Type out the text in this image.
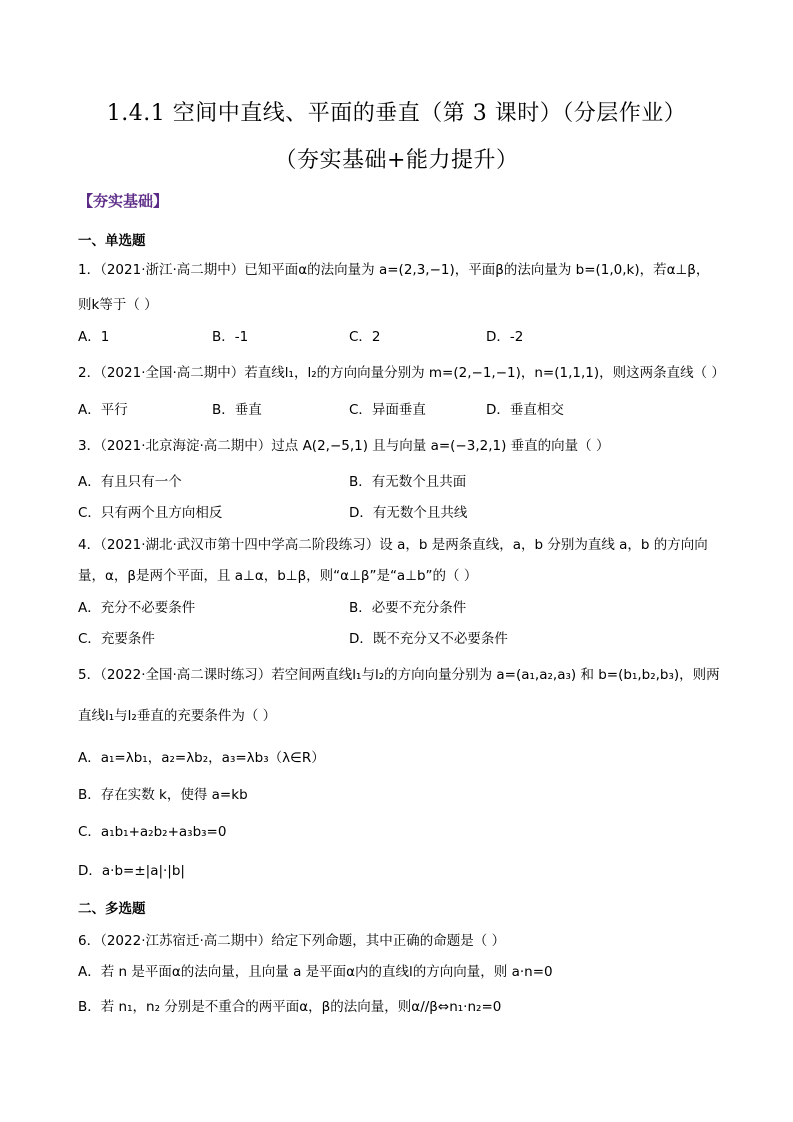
1.4.1 空间中直线、平面的垂直（第 3 课时）（分层作业）
（夯实基础+能力提升）
【夯实基础】
一、单选题
1．（2021·浙江·高二期中）已知平面α的法向量为 a=(2,3,−1)，平面β的法向量为 b=(1,0,k)，若α⊥β，
则k等于（ ）
A．1	B．-1	C．2	D．-2
2．（2021·全国·高二期中）若直线l₁，l₂的方向向量分别为 m=(2,−1,−1)，n=(1,1,1)，则这两条直线（ ）
A．平行	B．垂直	C．异面垂直	D．垂直相交
3．（2021·北京海淀·高二期中）过点 A(2,−5,1) 且与向量 a=(−3,2,1) 垂直的向量（ ）
A．有且只有一个	B．有无数个且共面
C．只有两个且方向相反	D．有无数个且共线
4．（2021·湖北·武汉市第十四中学高二阶段练习）设 a，b 是两条直线，a，b 分别为直线 a，b 的方向向
量，α，β是两个平面，且 a⊥α，b⊥β，则“α⊥β”是“a⊥b”的（ ）
A．充分不必要条件	B．必要不充分条件
C．充要条件	D．既不充分又不必要条件
5．（2022·全国·高二课时练习）若空间两直线l₁与l₂的方向向量分别为 a=(a₁,a₂,a₃) 和 b=(b₁,b₂,b₃)，则两
直线l₁与l₂垂直的充要条件为（ ）
A．a₁=λb₁，a₂=λb₂，a₃=λb₃（λ∈R）
B．存在实数 k，使得 a=kb
C．a₁b₁+a₂b₂+a₃b₃=0
D．a·b=±|a|·|b|
二、多选题
6．（2022·江苏宿迁·高二期中）给定下列命题，其中正确的命题是（ ）
A．若 n 是平面α的法向量，且向量 a 是平面α内的直线l的方向向量，则 a·n=0
B．若 n₁，n₂ 分别是不重合的两平面α，β的法向量，则α//β⇔n₁·n₂=0
